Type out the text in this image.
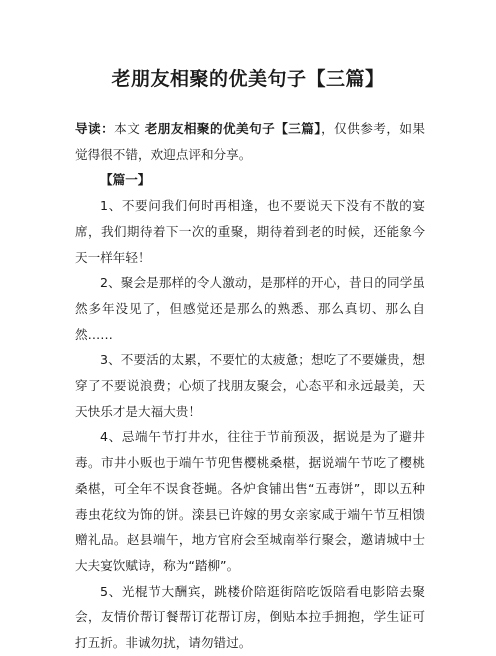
老朋友相聚的优美句子【三篇】

导读：本文 老朋友相聚的优美句子【三篇】，仅供参考，如果觉得很不错，欢迎点评和分享。

【篇一】

1、不要问我们何时再相逢，也不要说天下没有不散的宴席，我们期待着下一次的重聚，期待着到老的时候，还能象今天一样年轻！

2、聚会是那样的令人激动，是那样的开心，昔日的同学虽然多年没见了，但感觉还是那么的熟悉、那么真切、那么自然……

3、不要活的太累，不要忙的太疲惫；想吃了不要嫌贵，想穿了不要说浪费；心烦了找朋友聚会，心态平和永远最美，天天快乐才是大福大贵！

4、忌端午节打井水，往往于节前预汲，据说是为了避井毒。市井小贩也于端午节兜售樱桃桑椹，据说端午节吃了樱桃桑椹，可全年不误食苍蝇。各炉食铺出售“五毒饼”，即以五种毒虫花纹为饰的饼。滦县已许嫁的男女亲家咸于端午节互相馈赠礼品。赵县端午，地方官府会至城南举行聚会，邀请城中士大夫宴饮赋诗，称为“踏柳”。

5、光棍节大酬宾，跳楼价陪逛街陪吃饭陪看电影陪去聚会，友情价帮订餐帮订花帮订房，倒贴本拉手拥抱，学生证可打五折。非诚勿扰，请勿错过。
